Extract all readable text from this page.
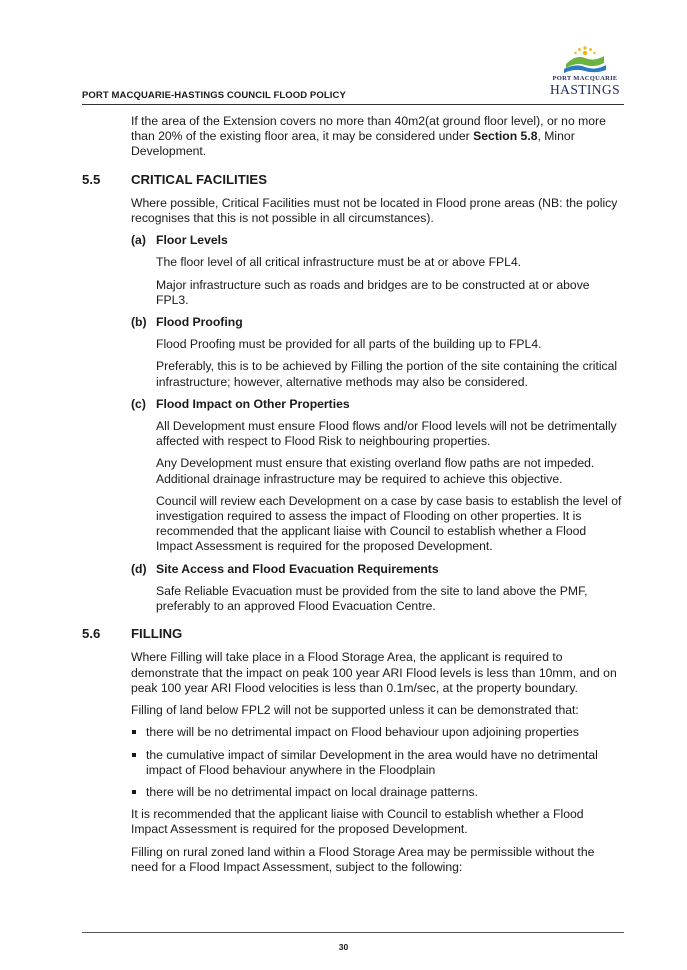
PORT MACQUARIE-HASTINGS COUNCIL FLOOD POLICY
PORT MACQUARIE
HASTINGS

If the area of the Extension covers no more than 40m2(at ground floor level), or no more than 20% of the existing floor area, it may be considered under Section 5.8, Minor Development.

5.5	CRITICAL FACILITIES

Where possible, Critical Facilities must not be located in Flood prone areas (NB: the policy recognises that this is not possible in all circumstances).

(a) Floor Levels

The floor level of all critical infrastructure must be at or above FPL4.

Major infrastructure such as roads and bridges are to be constructed at or above FPL3.

(b) Flood Proofing

Flood Proofing must be provided for all parts of the building up to FPL4.

Preferably, this is to be achieved by Filling the portion of the site containing the critical infrastructure; however, alternative methods may also be considered.

(c) Flood Impact on Other Properties

All Development must ensure Flood flows and/or Flood levels will not be detrimentally affected with respect to Flood Risk to neighbouring properties.

Any Development must ensure that existing overland flow paths are not impeded. Additional drainage infrastructure may be required to achieve this objective.

Council will review each Development on a case by case basis to establish the level of investigation required to assess the impact of Flooding on other properties. It is recommended that the applicant liaise with Council to establish whether a Flood Impact Assessment is required for the proposed Development.

(d) Site Access and Flood Evacuation Requirements

Safe Reliable Evacuation must be provided from the site to land above the PMF, preferably to an approved Flood Evacuation Centre.

5.6	FILLING

Where Filling will take place in a Flood Storage Area, the applicant is required to demonstrate that the impact on peak 100 year ARI Flood levels is less than 10mm, and on peak 100 year ARI Flood velocities is less than 0.1m/sec, at the property boundary.

Filling of land below FPL2 will not be supported unless it can be demonstrated that:

there will be no detrimental impact on Flood behaviour upon adjoining properties
the cumulative impact of similar Development in the area would have no detrimental impact of Flood behaviour anywhere in the Floodplain
there will be no detrimental impact on local drainage patterns.

It is recommended that the applicant liaise with Council to establish whether a Flood Impact Assessment is required for the proposed Development.

Filling on rural zoned land within a Flood Storage Area may be permissible without the need for a Flood Impact Assessment, subject to the following:

30
